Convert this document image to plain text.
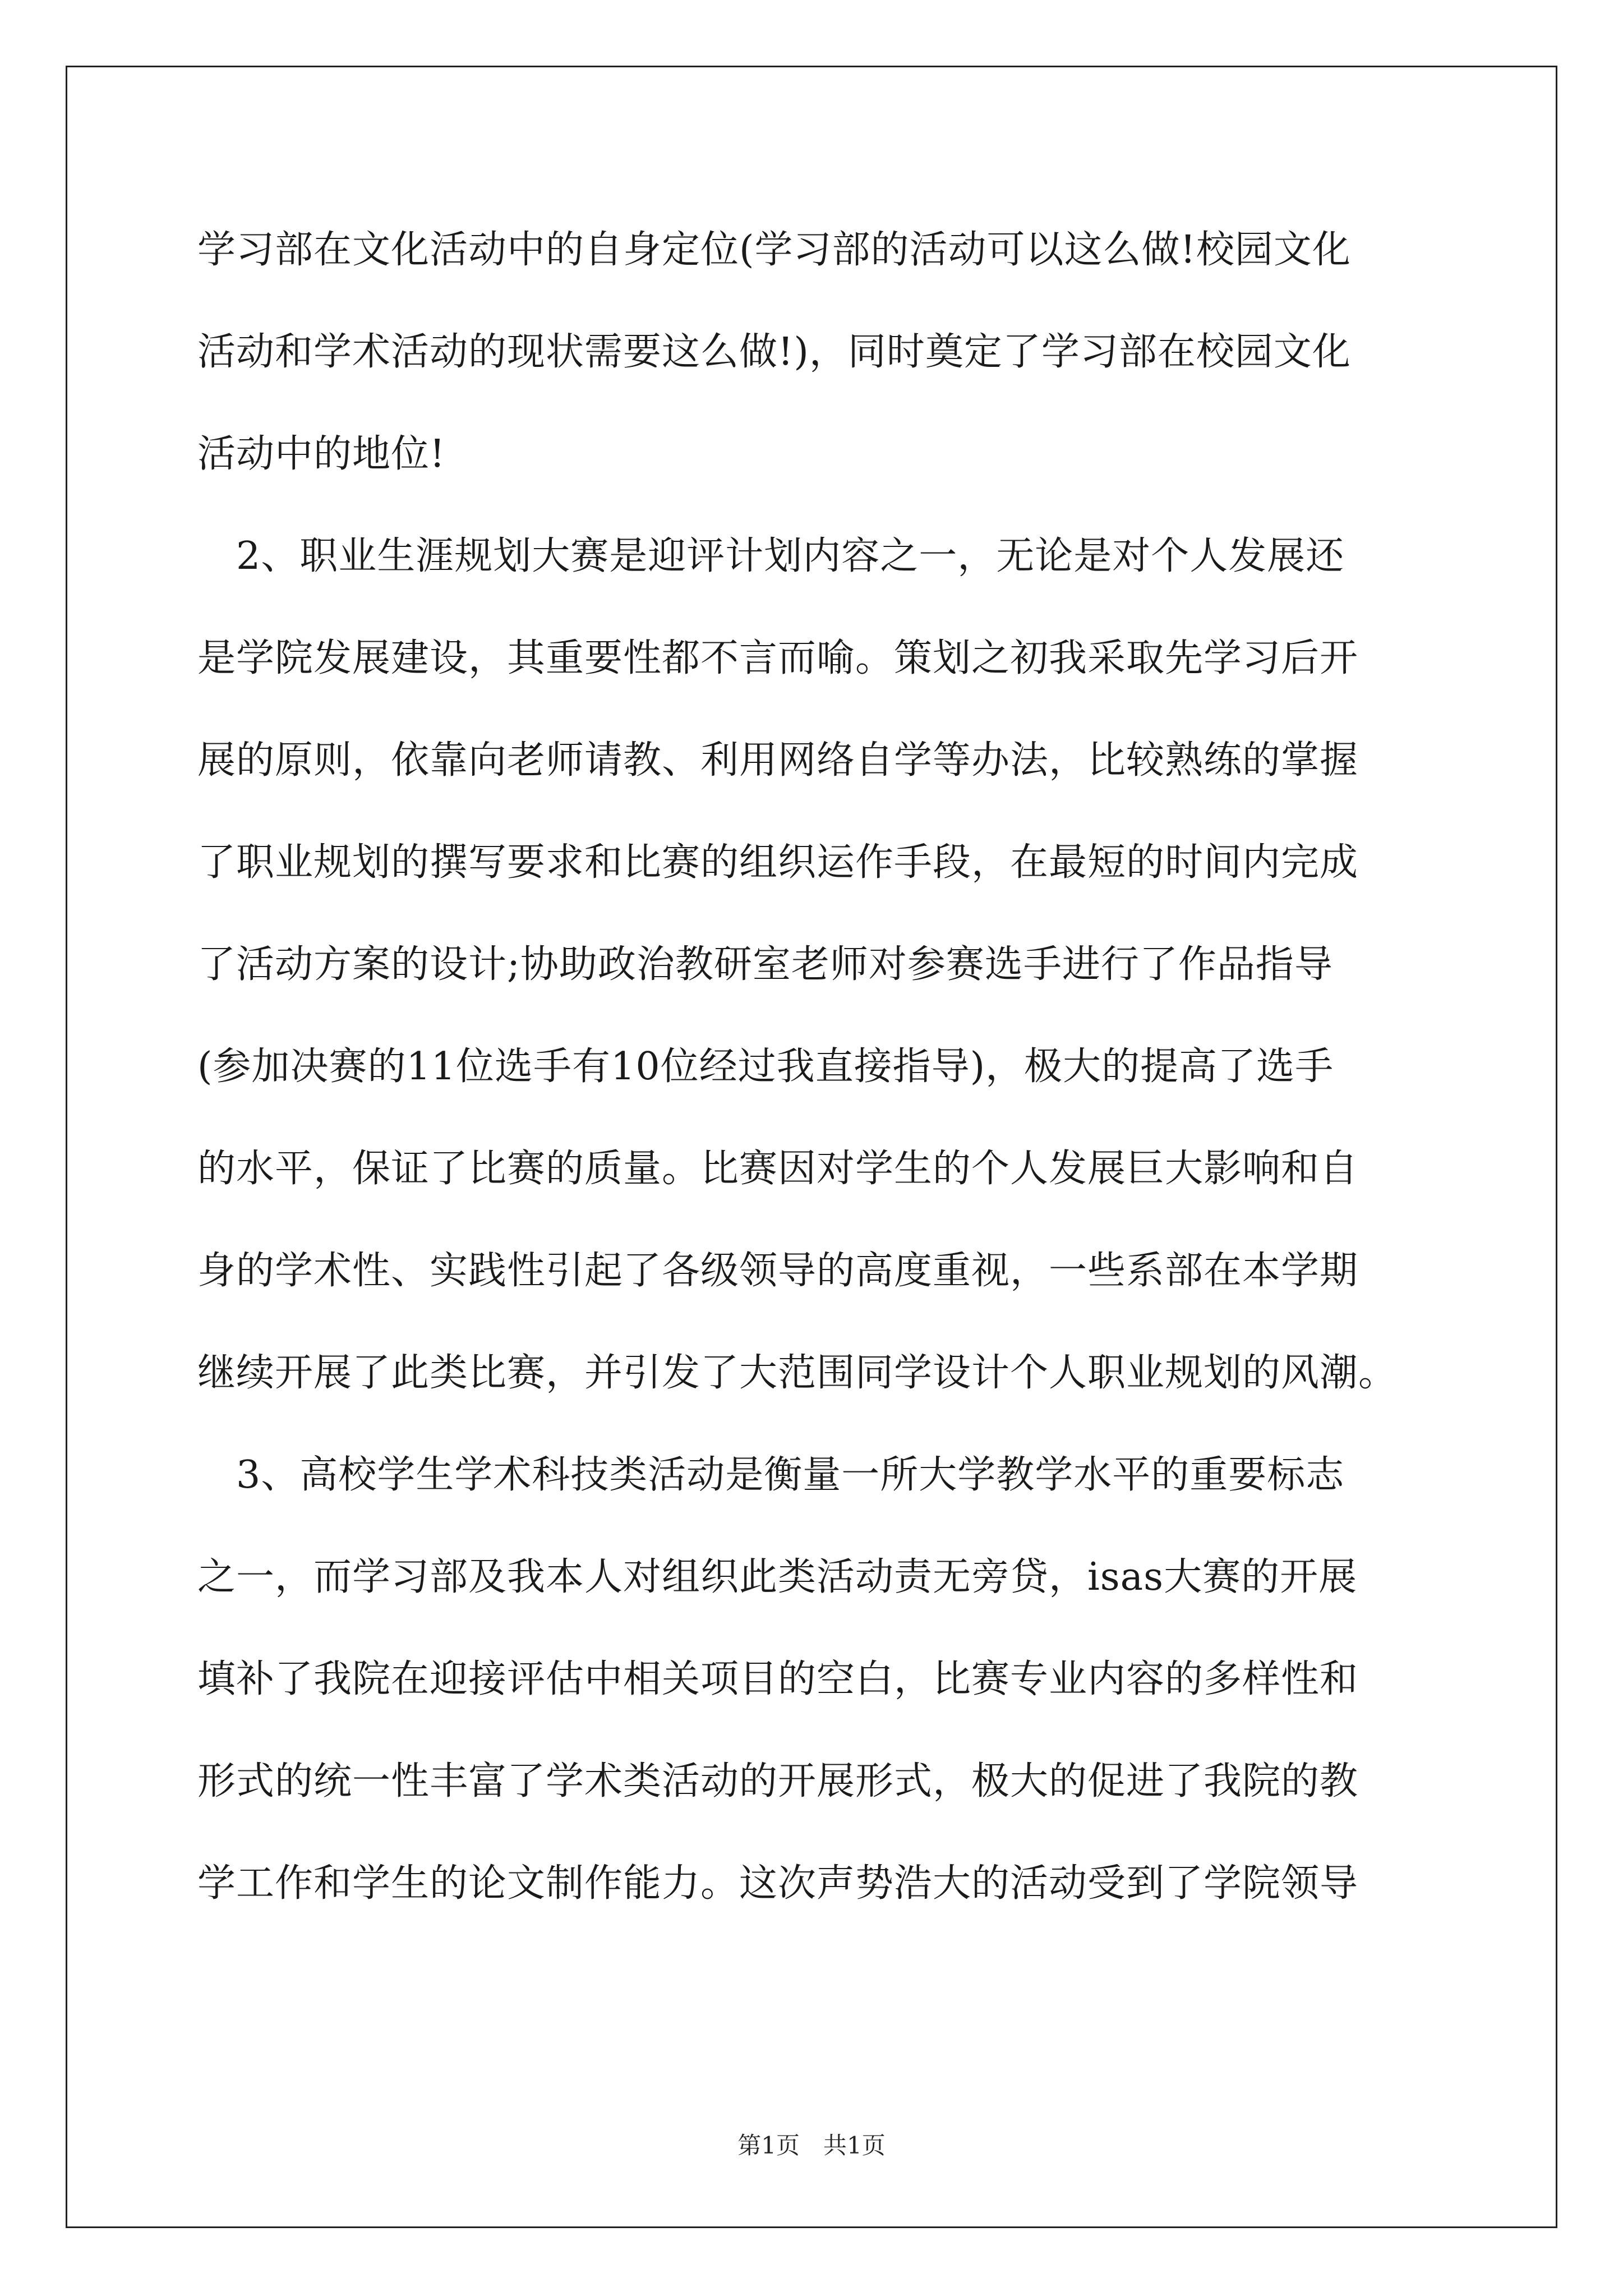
学习部在文化活动中的自身定位(学习部的活动可以这么做!校园文化
活动和学术活动的现状需要这么做!)，同时奠定了学习部在校园文化
活动中的地位!
　2、职业生涯规划大赛是迎评计划内容之一，无论是对个人发展还
是学院发展建设，其重要性都不言而喻。策划之初我采取先学习后开
展的原则，依靠向老师请教、利用网络自学等办法，比较熟练的掌握
了职业规划的撰写要求和比赛的组织运作手段，在最短的时间内完成
了活动方案的设计;协助政治教研室老师对参赛选手进行了作品指导
(参加决赛的11位选手有10位经过我直接指导)，极大的提高了选手
的水平，保证了比赛的质量。比赛因对学生的个人发展巨大影响和自
身的学术性、实践性引起了各级领导的高度重视，一些系部在本学期
继续开展了此类比赛，并引发了大范围同学设计个人职业规划的风潮。
　3、高校学生学术科技类活动是衡量一所大学教学水平的重要标志
之一，而学习部及我本人对组织此类活动责无旁贷，isas大赛的开展
填补了我院在迎接评估中相关项目的空白，比赛专业内容的多样性和
形式的统一性丰富了学术类活动的开展形式，极大的促进了我院的教
学工作和学生的论文制作能力。这次声势浩大的活动受到了学院领导
第1页　共1页
